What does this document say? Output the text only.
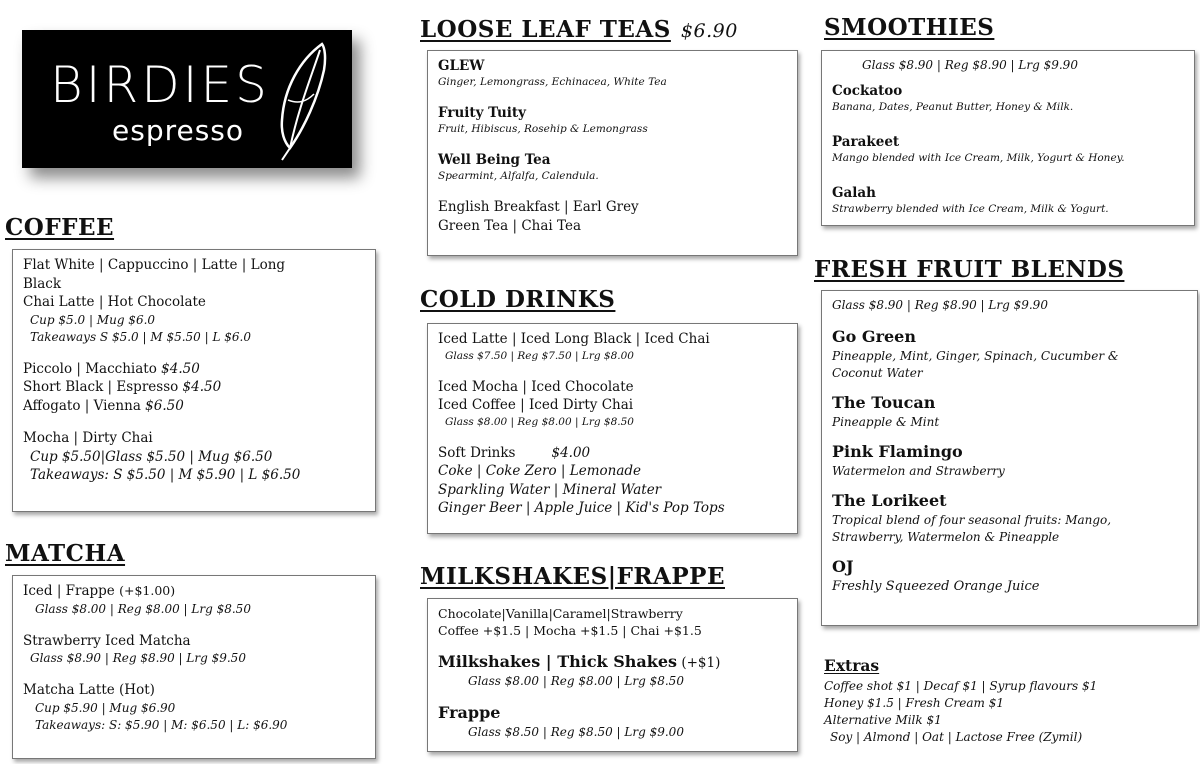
BIRDIES
espresso
COFFEE
Flat White | Cappuccino | Latte | Long
Black
Chai Latte | Hot Chocolate
Cup $5.0 | Mug $6.0
Takeaways S $5.0 | M $5.50 | L $6.0
Piccolo | Macchiato $4.50
Short Black | Espresso $4.50
Affogato | Vienna $6.50
Mocha | Dirty Chai
Cup $5.50|Glass $5.50 | Mug $6.50
Takeaways: S $5.50 | M $5.90 | L $6.50
MATCHA
Iced | Frappe (+$1.00)
Glass $8.00 | Reg $8.00 | Lrg $8.50
Strawberry Iced Matcha
Glass $8.90 | Reg $8.90 | Lrg $9.50
Matcha Latte (Hot)
Cup $5.90 | Mug $6.90
Takeaways: S: $5.90 | M: $6.50 | L: $6.90
LOOSE LEAF TEAS $6.90
GLEW
Ginger, Lemongrass, Echinacea, White Tea
Fruity Tuity
Fruit, Hibiscus, Rosehip & Lemongrass
Well Being Tea
Spearmint, Alfalfa, Calendula.
English Breakfast | Earl Grey
Green Tea | Chai Tea
COLD DRINKS
Iced Latte | Iced Long Black | Iced Chai
Glass $7.50 | Reg $7.50 | Lrg $8.00
Iced Mocha | Iced Chocolate
Iced Coffee | Iced Dirty Chai
Glass $8.00 | Reg $8.00 | Lrg $8.50
Soft Drinks	$4.00
Coke | Coke Zero | Lemonade
Sparkling Water | Mineral Water
Ginger Beer | Apple Juice | Kid's Pop Tops
MILKSHAKES|FRAPPE
Chocolate|Vanilla|Caramel|Strawberry
Coffee +$1.5 | Mocha +$1.5 | Chai +$1.5
Milkshakes | Thick Shakes (+$1)
Glass $8.00 | Reg $8.00 | Lrg $8.50
Frappe
Glass $8.50 | Reg $8.50 | Lrg $9.00
SMOOTHIES
Glass $8.90 | Reg $8.90 | Lrg $9.90
Cockatoo
Banana, Dates, Peanut Butter, Honey & Milk.
Parakeet
Mango blended with Ice Cream, Milk, Yogurt & Honey.
Galah
Strawberry blended with Ice Cream, Milk & Yogurt.
FRESH FRUIT BLENDS
Glass $8.90 | Reg $8.90 | Lrg $9.90
Go Green
Pineapple, Mint, Ginger, Spinach, Cucumber & Coconut Water
The Toucan
Pineapple & Mint
Pink Flamingo
Watermelon and Strawberry
The Lorikeet
Tropical blend of four seasonal fruits: Mango, Strawberry, Watermelon & Pineapple
OJ
Freshly Squeezed Orange Juice
Extras
Coffee shot $1 | Decaf $1 | Syrup flavours $1
Honey $1.5 | Fresh Cream $1
Alternative Milk $1
Soy | Almond | Oat | Lactose Free (Zymil)
